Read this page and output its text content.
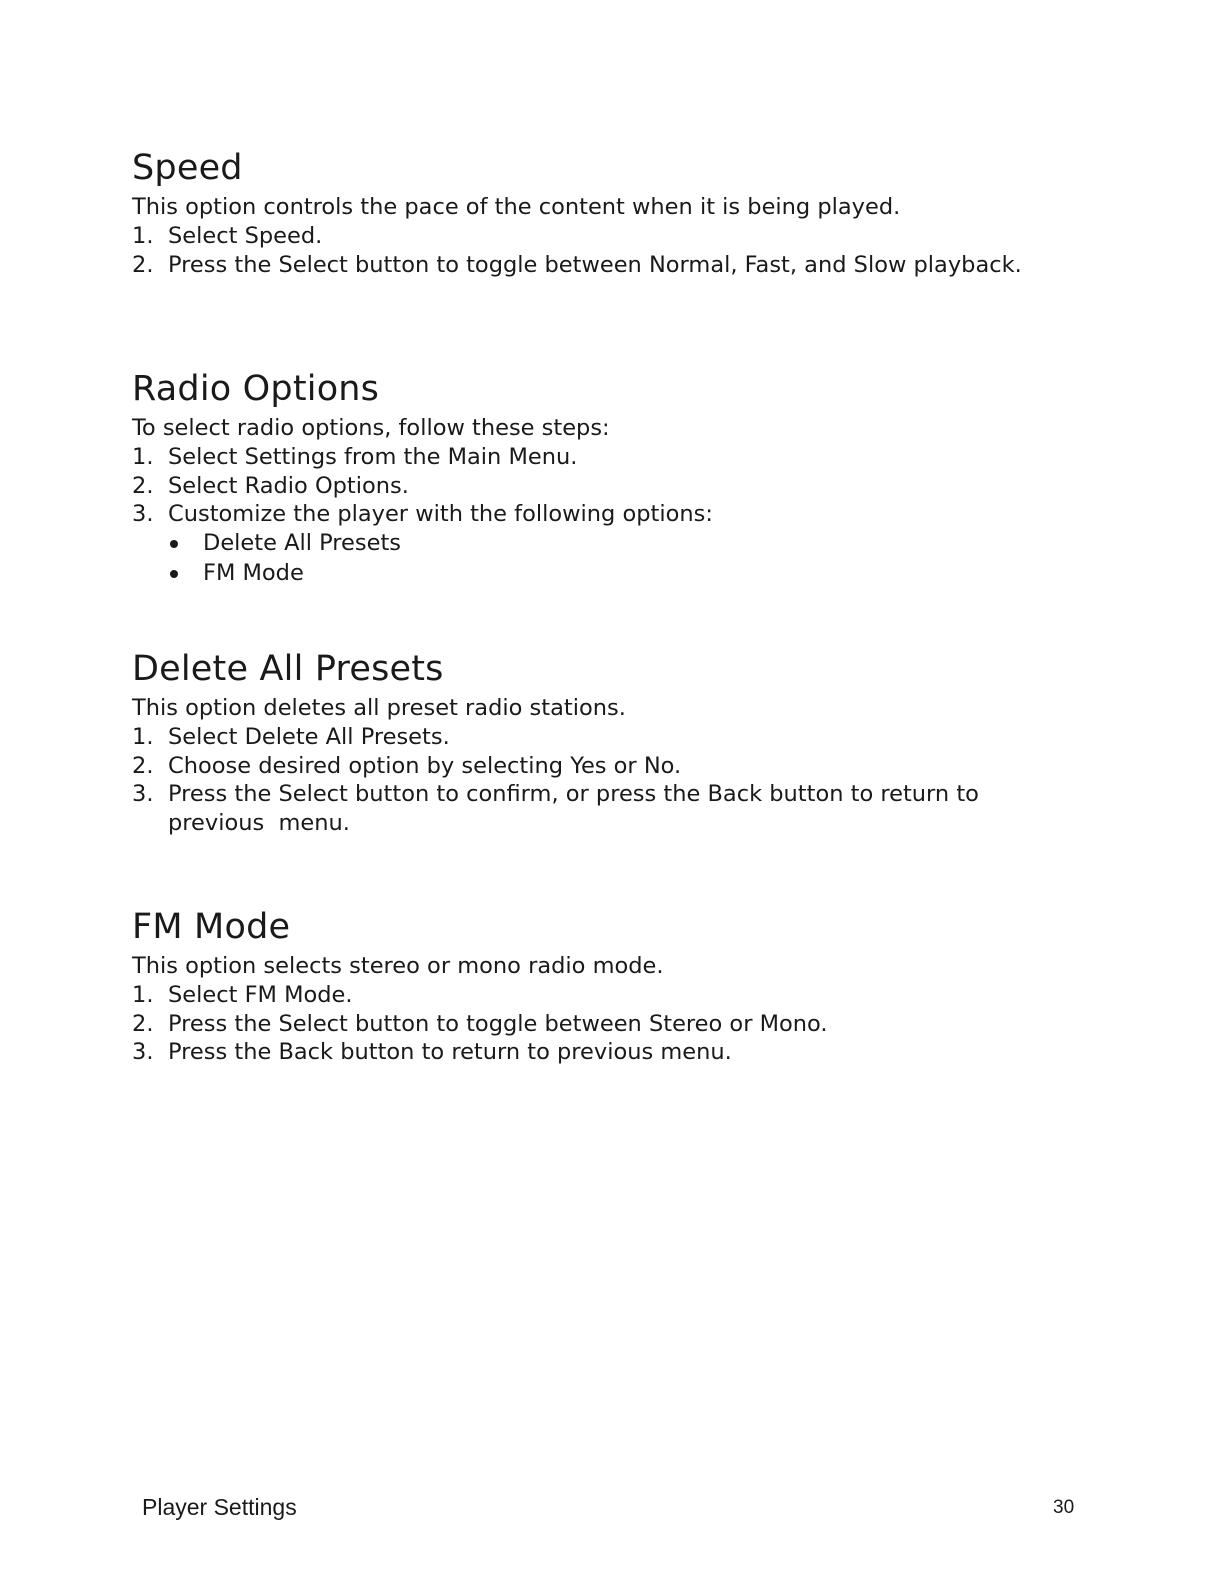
Speed

This option controls the pace of the content when it is being played.

1. Select Speed.
2. Press the Select button to toggle between Normal, Fast, and Slow playback.
Radio Options

To select radio options, follow these steps:

1. Select Settings from the Main Menu.
2. Select Radio Options.
3. Customize the player with the following options:
Delete All Presets
FM Mode
Delete All Presets

This option deletes all preset radio stations.

1. Select Delete All Presets.
2. Choose desired option by selecting Yes or No.
3. Press the Select button to confirm, or press the Back button to return to previous  menu.
FM Mode

This option selects stereo or mono radio mode.

1. Select FM Mode.
2. Press the Select button to toggle between Stereo or Mono.
3. Press the Back button to return to previous menu.
Player Settings	30
